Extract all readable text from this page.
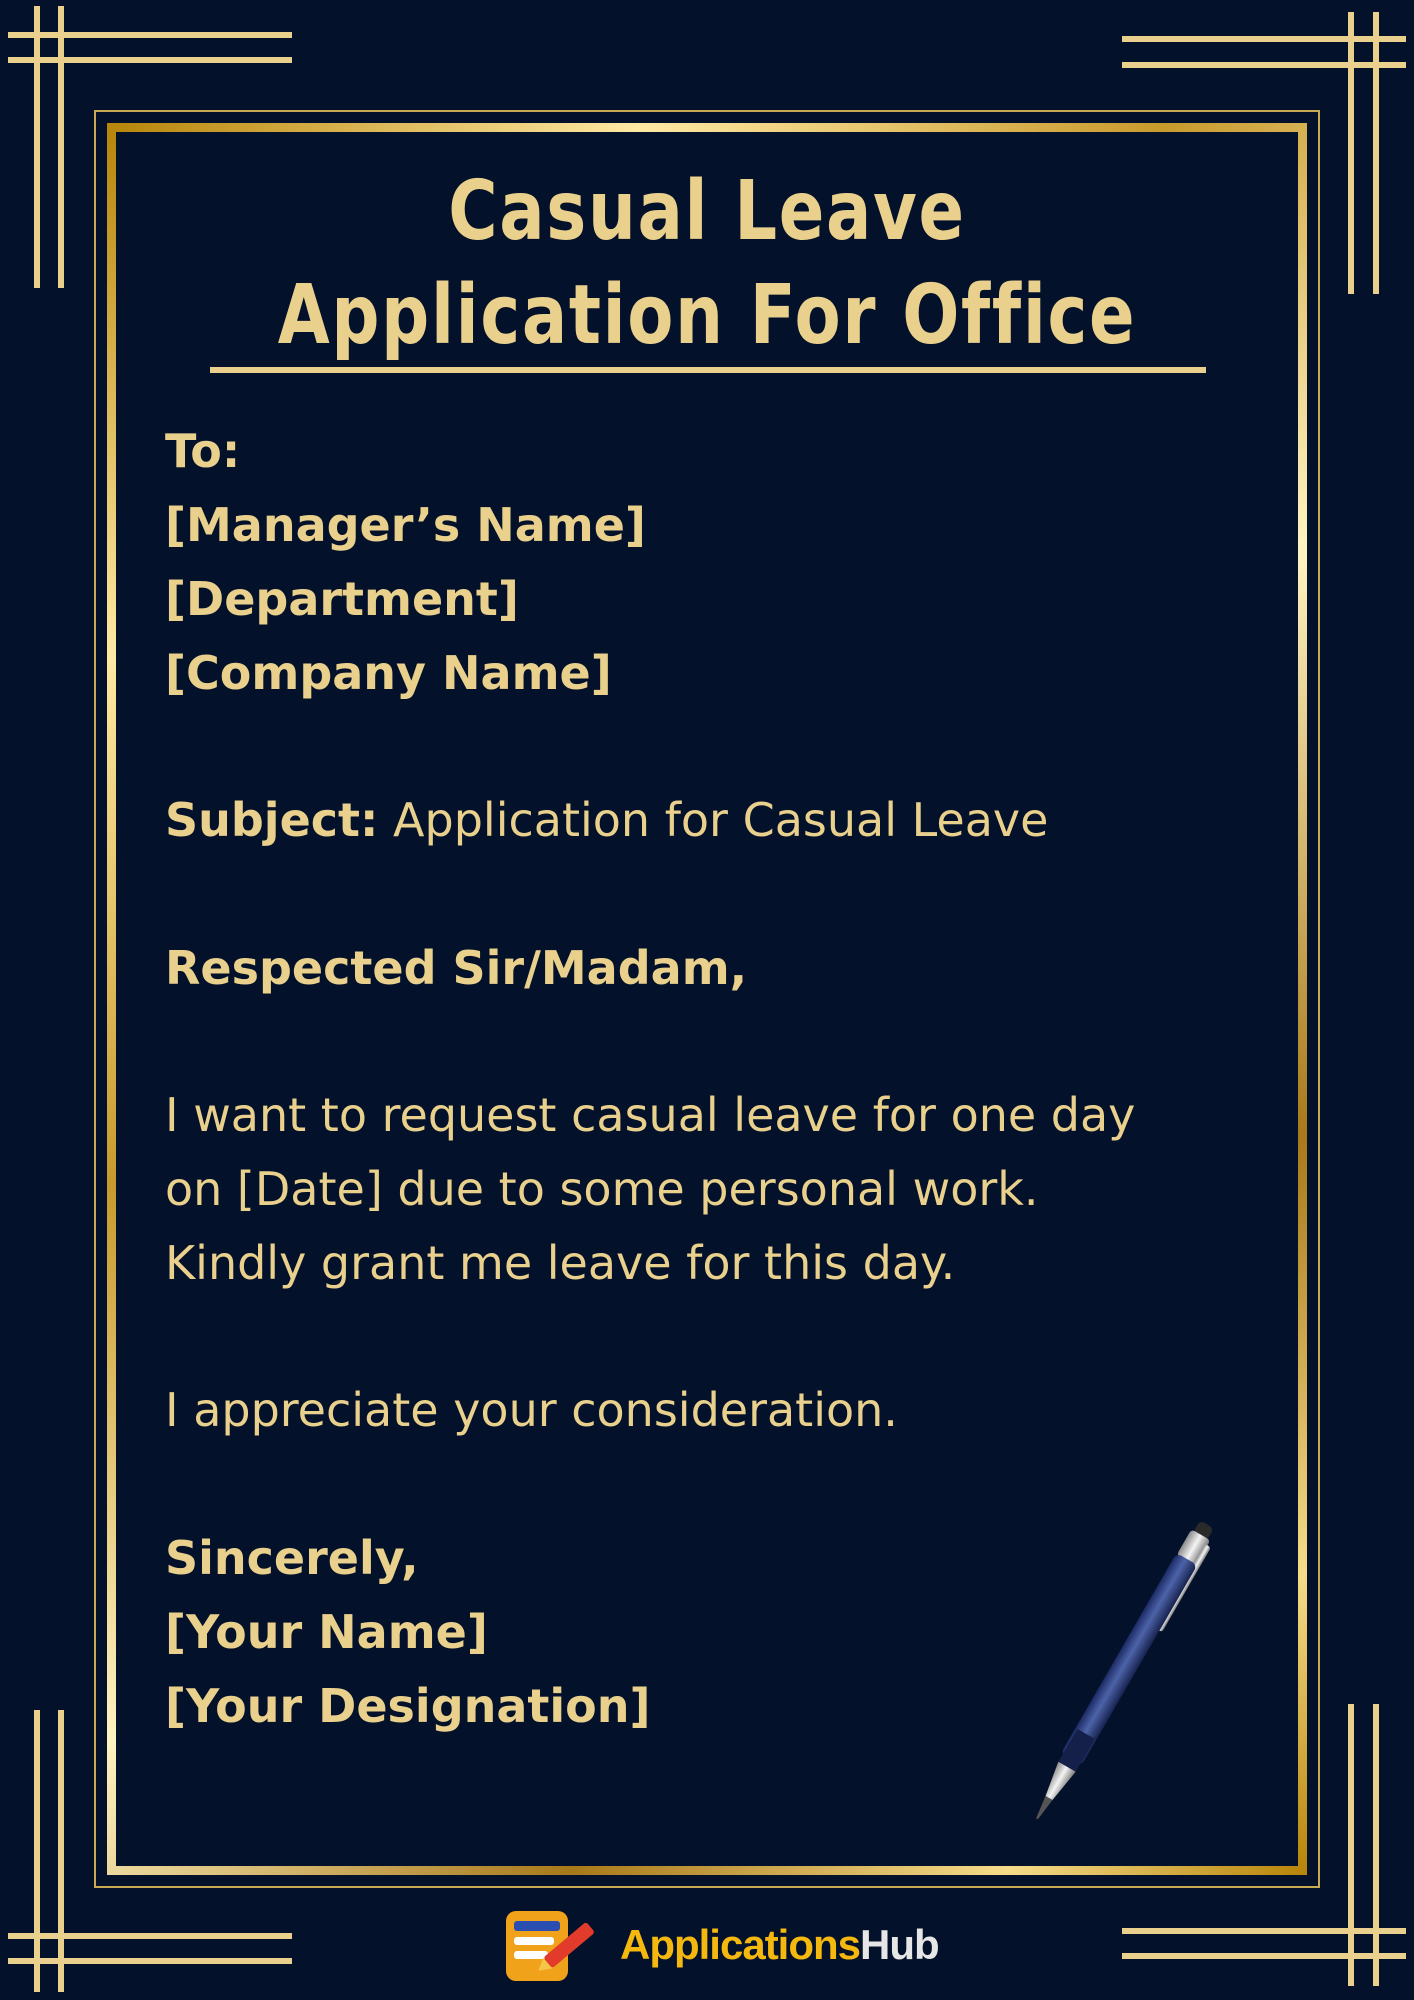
Casual Leave
Application For Office
To:
[Manager’s Name]
[Department]
[Company Name]
Subject: Application for Casual Leave
Respected Sir/Madam,
I want to request casual leave for one day
on [Date] due to some personal work.
Kindly grant me leave for this day.
I appreciate your consideration.
Sincerely,
[Your Name]
[Your Designation]
ApplicationsHub
